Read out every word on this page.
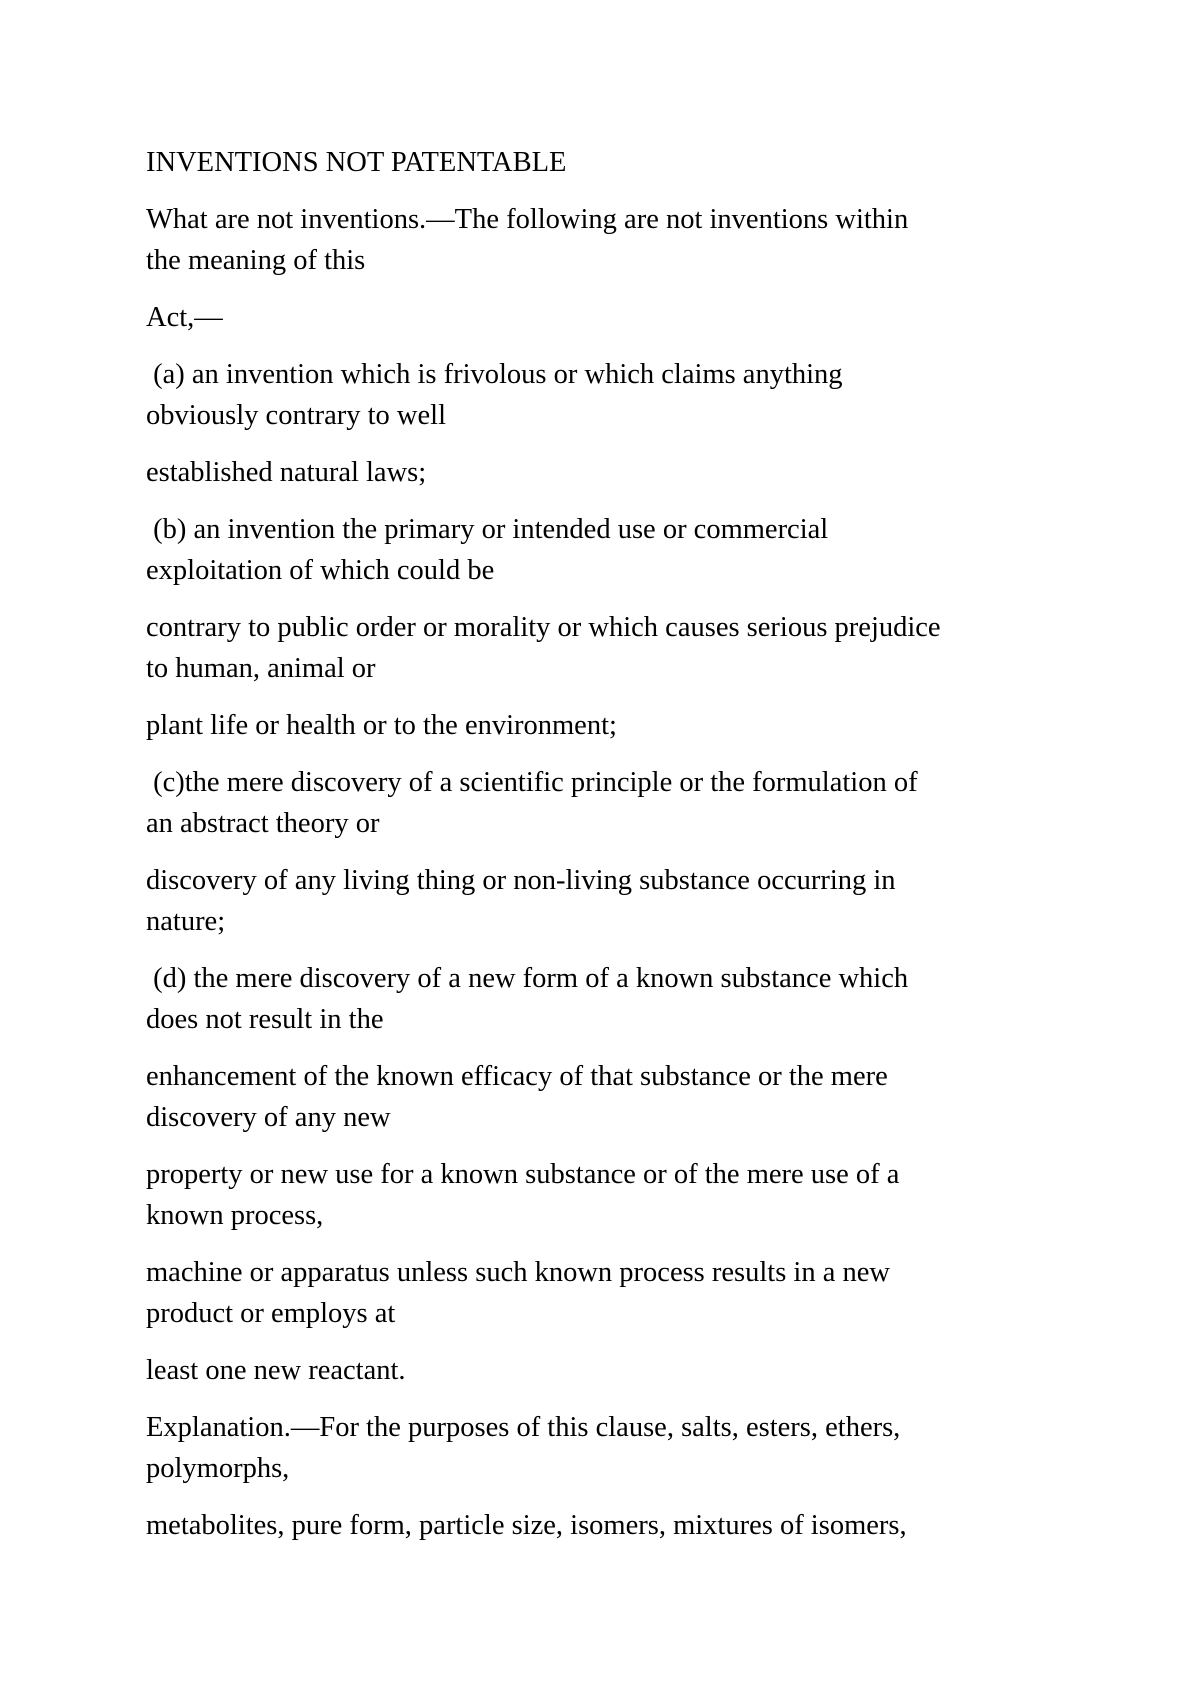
INVENTIONS NOT PATENTABLE

What are not inventions.—The following are not inventions within
the meaning of this

Act,—

(a) an invention which is frivolous or which claims anything
obviously contrary to well

established natural laws;

(b) an invention the primary or intended use or commercial
exploitation of which could be

contrary to public order or morality or which causes serious prejudice
to human, animal or

plant life or health or to the environment;

(c)the mere discovery of a scientific principle or the formulation of
an abstract theory or

discovery of any living thing or non-living substance occurring in
nature;

(d) the mere discovery of a new form of a known substance which
does not result in the

enhancement of the known efficacy of that substance or the mere
discovery of any new

property or new use for a known substance or of the mere use of a
known process,

machine or apparatus unless such known process results in a new
product or employs at

least one new reactant.

Explanation.—For the purposes of this clause, salts, esters, ethers,
polymorphs,

metabolites, pure form, particle size, isomers, mixtures of isomers,
